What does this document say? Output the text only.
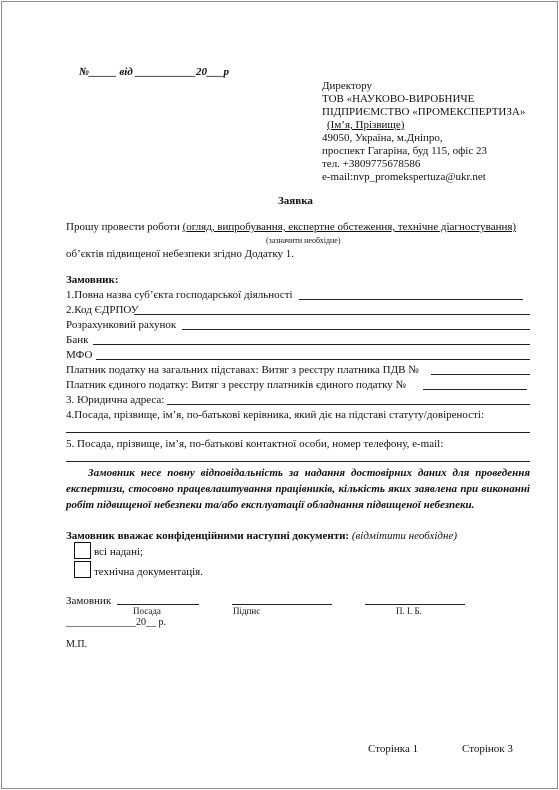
№_____ від ___________20___р
Директору
ТОВ «НАУКОВО-ВИРОБНИЧЕ
ПІДПРИЄМСТВО «ПРОМЕКСПЕРТИЗА»
(Ім’я, Прізвище)
49050, Україна, м.Дніпро,
проспект Гагаріна, буд 115, офіс 23
тел. +3809775678586
e-mail:nvp_promekspertuza@ukr.net
Заявка
Прошу провести роботи (огляд, випробування, експертне обстеження, технічне діагностування)
(зазначити необхідне)
об’єктів підвищеної небезпеки згідно Додатку 1.
Замовник:
1.Повна назва суб’єкта господарської діяльності
2.Код ЄДРПОУ
Розрахунковий рахунок
Банк
МФО
Платник податку на загальних підставах: Витяг з реєстру платника ПДВ №
Платник єдиного податку: Витяг з реєстру платників єдиного податку №
3. Юридична адреса:
4.Посада, прізвище, ім’я, по-батькові керівника, який діє на підставі статуту/довіреності:
5. Посада, прізвище, ім’я, по-батькові контактної особи, номер телефону, e-mail:
Замовник несе повну відповідальність за надання достовірних даних для проведення експертизи, стосовно працевлаштування працівників, кількість яких заявлена при виконанні робіт підвищеної небезпеки та/або експлуатації обладнання підвищеної небезпеки.
Замовник вважає конфіденційними наступні документи: (відмітити необхідне)
всі надані;
технічна документація.
Замовник
Посада	Підпис	П. І. Б.
______________20__ р.
М.П.
Сторінка 1	Сторінок 3
